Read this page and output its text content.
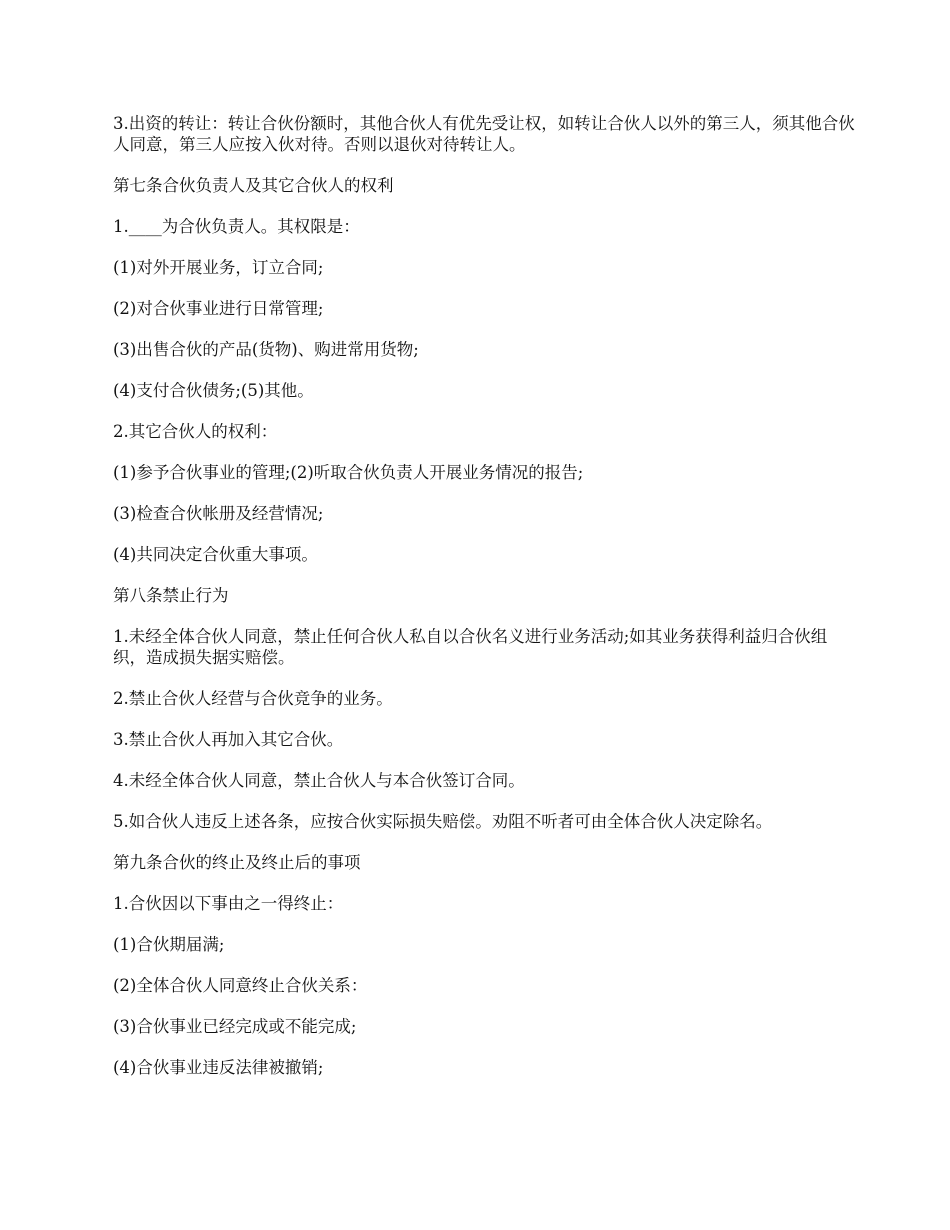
3.出资的转让：转让合伙份额时，其他合伙人有优先受让权，如转让合伙人以外的第三人，须其他合伙人同意，第三人应按入伙对待。否则以退伙对待转让人。

第七条合伙负责人及其它合伙人的权利

1.____为合伙负责人。其权限是：

(1)对外开展业务，订立合同;

(2)对合伙事业进行日常管理;

(3)出售合伙的产品(货物)、购进常用货物;

(4)支付合伙债务;(5)其他。

2.其它合伙人的权利：

(1)参予合伙事业的管理;(2)听取合伙负责人开展业务情况的报告;

(3)检查合伙帐册及经营情况;

(4)共同决定合伙重大事项。

第八条禁止行为

1.未经全体合伙人同意，禁止任何合伙人私自以合伙名义进行业务活动;如其业务获得利益归合伙组织，造成损失据实赔偿。

2.禁止合伙人经营与合伙竞争的业务。

3.禁止合伙人再加入其它合伙。

4.未经全体合伙人同意，禁止合伙人与本合伙签订合同。

5.如合伙人违反上述各条，应按合伙实际损失赔偿。劝阻不听者可由全体合伙人决定除名。

第九条合伙的终止及终止后的事项

1.合伙因以下事由之一得终止：

(1)合伙期届满;

(2)全体合伙人同意终止合伙关系：

(3)合伙事业已经完成或不能完成;

(4)合伙事业违反法律被撤销;
